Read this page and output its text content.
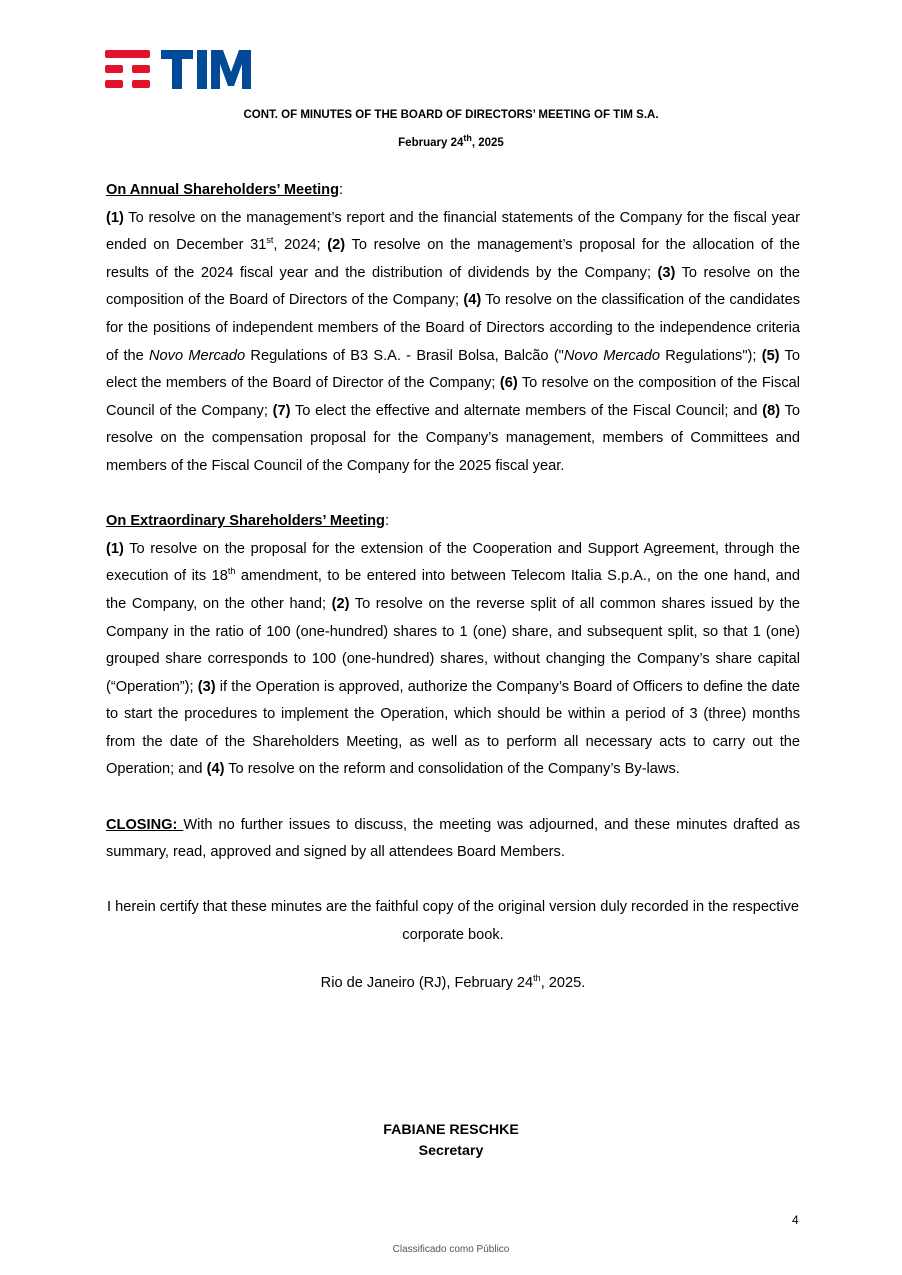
CONT. OF MINUTES OF THE BOARD OF DIRECTORS’ MEETING OF TIM S.A.
February 24th, 2025

On Annual Shareholders’ Meeting:

(1) To resolve on the management’s report and the financial statements of the Company for the fiscal year ended on December 31st, 2024; (2) To resolve on the management’s proposal for the allocation of the results of the 2024 fiscal year and the distribution of dividends by the Company; (3) To resolve on the composition of the Board of Directors of the Company; (4) To resolve on the classification of the candidates for the positions of independent members of the Board of Directors according to the independence criteria of the Novo Mercado Regulations of B3 S.A. - Brasil Bolsa, Balcão ("Novo Mercado Regulations"); (5) To elect the members of the Board of Director of the Company; (6) To resolve on the composition of the Fiscal Council of the Company; (7) To elect the effective and alternate members of the Fiscal Council; and (8) To resolve on the compensation proposal for the Company’s management, members of Committees and members of the Fiscal Council of the Company for the 2025 fiscal year.

On Extraordinary Shareholders’ Meeting:

(1) To resolve on the proposal for the extension of the Cooperation and Support Agreement, through the execution of its 18th amendment, to be entered into between Telecom Italia S.p.A., on the one hand, and the Company, on the other hand; (2) To resolve on the reverse split of all common shares issued by the Company in the ratio of 100 (one-hundred) shares to 1 (one) share, and subsequent split, so that 1 (one) grouped share corresponds to 100 (one-hundred) shares, without changing the Company’s share capital (“Operation”); (3) if the Operation is approved, authorize the Company’s Board of Officers to define the date to start the procedures to implement the Operation, which should be within a period of 3 (three) months from the date of the Shareholders Meeting, as well as to perform all necessary acts to carry out the Operation; and (4) To resolve on the reform and consolidation of the Company’s By-laws.

CLOSING: With no further issues to discuss, the meeting was adjourned, and these minutes drafted as summary, read, approved and signed by all attendees Board Members.

I herein certify that these minutes are the faithful copy of the original version duly recorded in the respective corporate book.

Rio de Janeiro (RJ), February 24th, 2025.

FABIANE RESCHKE
Secretary
4
Classificado como Público
